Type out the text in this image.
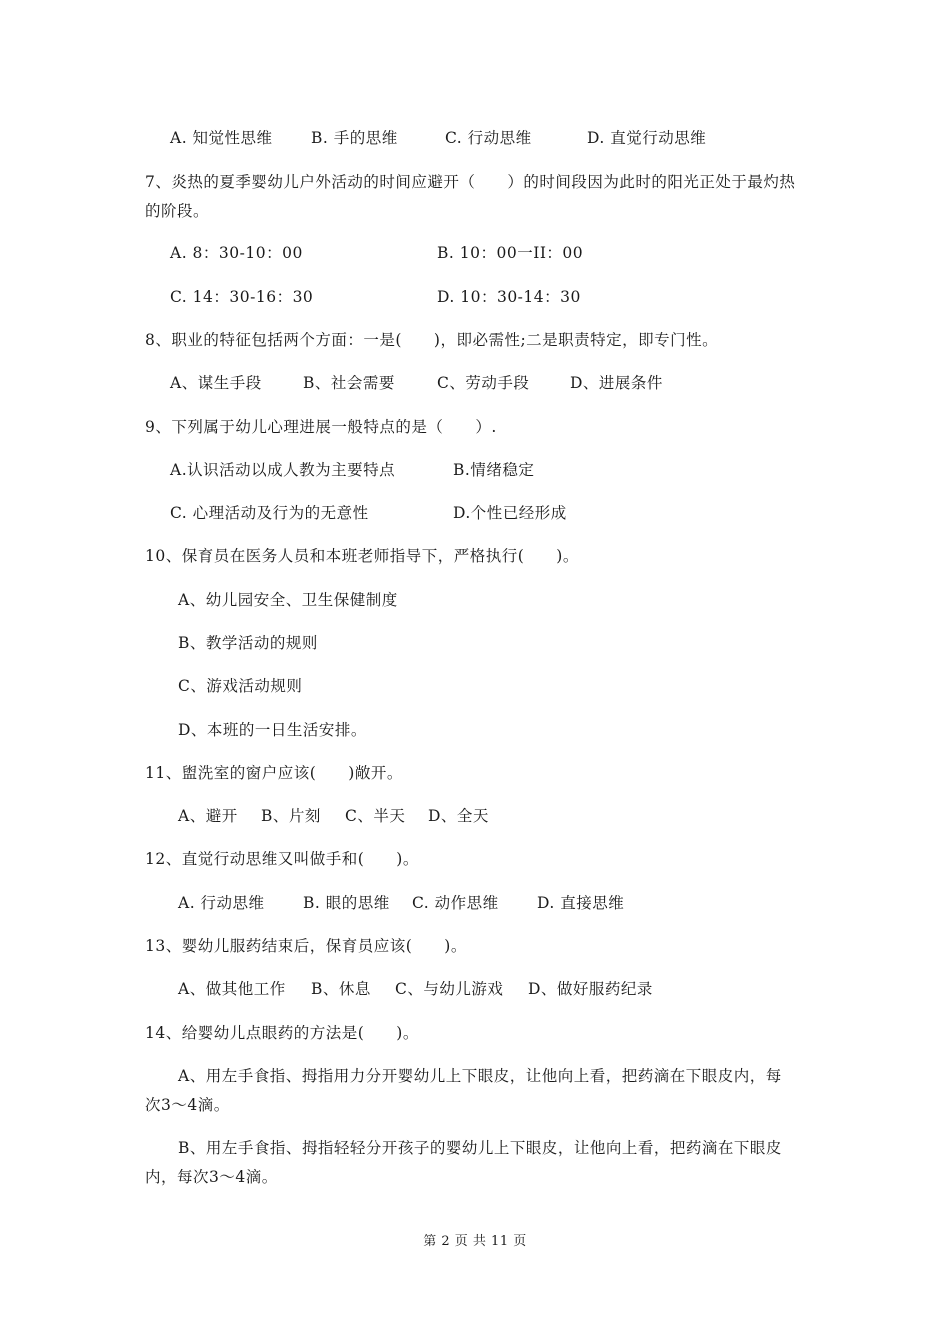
A. 知觉性思维 B. 手的思维	C. 行动思维	D. 直觉行动思维
7、炎热的夏季婴幼儿户外活动的时间应避开（　　）的时间段因为此时的阳光正处于最灼热
的阶段。
A. 8：30-10：00	B. 10：00一II：00
C. 14：30-16：30	D. 10：30-14：30
8、职业的特征包括两个方面：一是(　　)，即必需性;二是职责特定，即专门性。
A、谋生手段	B、社会需要	C、劳动手段	D、进展条件
9、下列属于幼儿心理进展一般特点的是（　　）.
A.认识活动以成人教为主要特点	B.情绪稳定
C. 心理活动及行为的无意性	D.个性已经形成
10、保育员在医务人员和本班老师指导下，严格执行(　　)。
A、幼儿园安全、卫生保健制度
B、教学活动的规则
C、游戏活动规则
D、本班的一日生活安排。
11、盥洗室的窗户应该(　　)敞开。
A、避开 B、片刻 C、半天 D、全天
12、直觉行动思维又叫做手和(　　)。
A. 行动思维 B. 眼的思维 C. 动作思维 D. 直接思维
13、婴幼儿服药结束后，保育员应该(　　)。
A、做其他工作 B、休息 C、与幼儿游戏 D、做好服药纪录
14、给婴幼儿点眼药的方法是(　　)。
A、用左手食指、拇指用力分开婴幼儿上下眼皮，让他向上看，把药滴在下眼皮内，每
次3～4滴。
B、用左手食指、拇指轻轻分开孩子的婴幼儿上下眼皮，让他向上看，把药滴在下眼皮
内，每次3～4滴。
第 2 页 共 11 页
